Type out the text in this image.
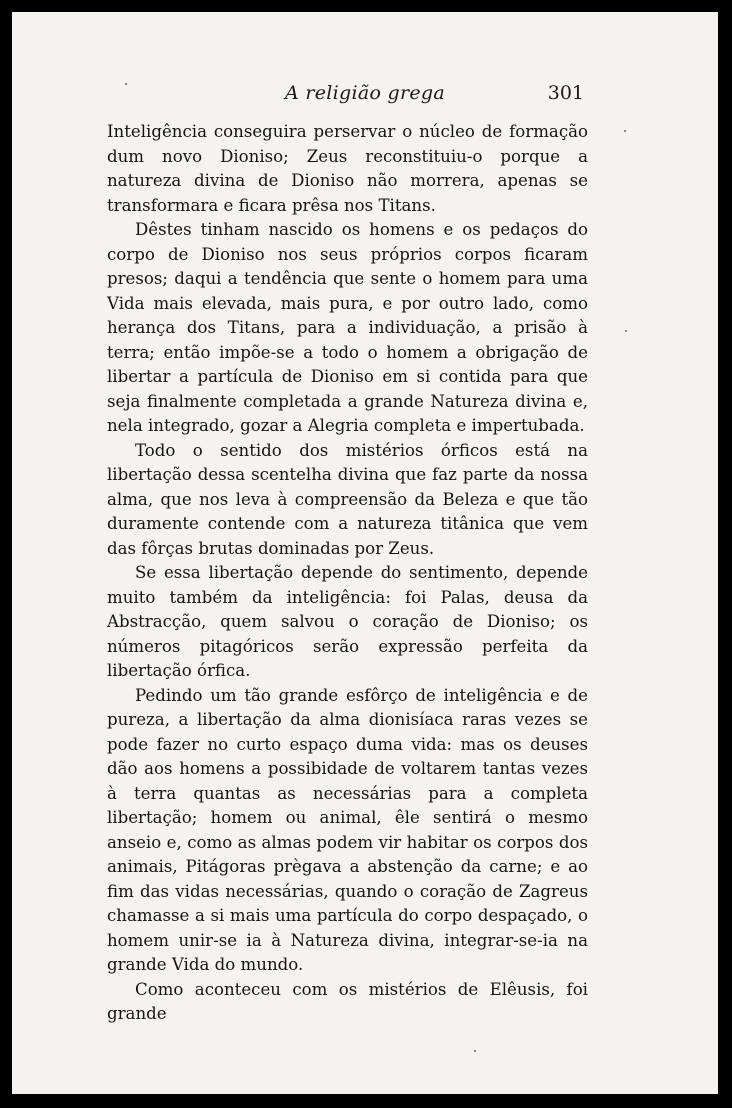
A religião grega	301

Inteligência conseguira perservar o núcleo de formação dum novo Dioniso; Zeus reconstituiu-o porque a natureza divina de Dioniso não morrera, apenas se transformara e ficara prêsa nos Titans.

Dêstes tinham nascido os homens e os pedaços do corpo de Dioniso nos seus próprios corpos ficaram presos; daqui a tendência que sente o homem para uma Vida mais elevada, mais pura, e por outro lado, como herança dos Titans, para a individuação, a prisão à terra; então impõe-se a todo o homem a obrigação de libertar a partícula de Dioniso em si contida para que seja finalmente completada a grande Natureza divina e, nela integrado, gozar a Alegria completa e impertubada.

Todo o sentido dos mistérios órficos está na libertação dessa scentelha divina que faz parte da nossa alma, que nos leva à compreensão da Beleza e que tão duramente contende com a natureza titânica que vem das fôrças brutas dominadas por Zeus.

Se essa libertação depende do sentimento, depende muito também da inteligência: foi Palas, deusa da Abstracção, quem salvou o coração de Dioniso; os números pitagóricos serão expressão perfeita da libertação órfica.

Pedindo um tão grande esfôrço de inteligência e de pureza, a libertação da alma dionisíaca raras vezes se pode fazer no curto espaço duma vida: mas os deuses dão aos homens a possibidade de voltarem tantas vezes à terra quantas as necessárias para a completa libertação; homem ou animal, êle sentirá o mesmo anseio e, como as almas podem vir habitar os corpos dos animais, Pitágoras prègava a abstenção da carne; e ao fim das vidas necessárias, quando o coração de Zagreus chamasse a si mais uma partícula do corpo despaçado, o homem unir-se ia à Natureza divina, integrar-se-ia na grande Vida do mundo.

Como aconteceu com os mistérios de Elêusis, foi grande
